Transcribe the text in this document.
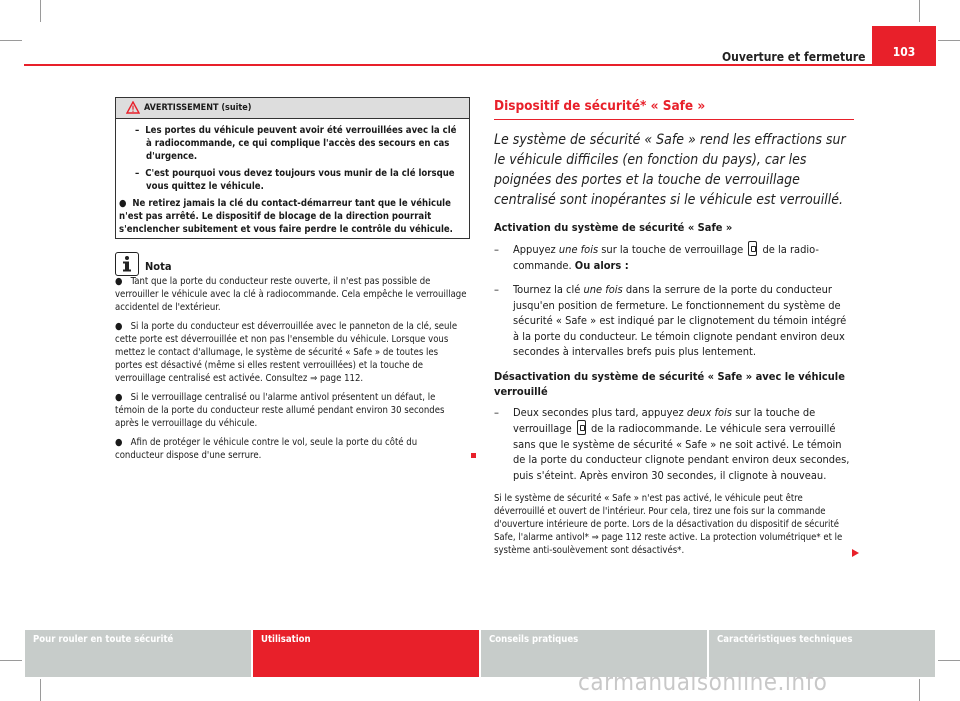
Ouverture et fermeture	103
AVERTISSEMENT (suite)

–  Les portes du véhicule peuvent avoir été verrouillées avec la clé à radiocommande, ce qui complique l'accès des secours en cas d'urgence.

–  C'est pourquoi vous devez toujours vous munir de la clé lorsque vous quittez le véhicule.

●  Ne retirez jamais la clé du contact-démarreur tant que le véhicule n'est pas arrêté. Le dispositif de blocage de la direction pourrait s'enclencher subitement et vous faire perdre le contrôle du véhicule.

Nota

●   Tant que la porte du conducteur reste ouverte, il n'est pas possible de verrouiller le véhicule avec la clé à radiocommande. Cela empêche le verrouillage accidentel de l'extérieur.

●   Si la porte du conducteur est déverrouillée avec le panneton de la clé, seule cette porte est déverrouillée et non pas l'ensemble du véhicule. Lorsque vous mettez le contact d'allumage, le système de sécurité « Safe » de toutes les portes est désactivé (même si elles restent verrouillées) et la touche de verrouillage centralisé est activée. Consultez ⇒ page 112.

●   Si le verrouillage centralisé ou l'alarme antivol présentent un défaut, le témoin de la porte du conducteur reste allumé pendant environ 30 secondes après le verrouillage du véhicule.

●   Afin de protéger le véhicule contre le vol, seule la porte du côté du conducteur dispose d'une serrure.

Dispositif de sécurité* « Safe »

Le système de sécurité « Safe » rend les effractions sur le véhicule difficiles (en fonction du pays), car les poignées des portes et la touche de verrouillage centralisé sont inopérantes si le véhicule est verrouillé.

Activation du système de sécurité « Safe »

– Appuyez une fois sur la touche de verrouillage  de la radio-commande. Ou alors :

– Tournez la clé une fois dans la serrure de la porte du conducteur jusqu'en position de fermeture. Le fonctionnement du système de sécurité « Safe » est indiqué par le clignotement du témoin intégré à la porte du conducteur. Le témoin clignote pendant environ deux secondes à intervalles brefs puis plus lentement.

Désactivation du système de sécurité « Safe » avec le véhicule verrouillé

– Deux secondes plus tard, appuyez deux fois sur la touche de verrouillage  de la radiocommande. Le véhicule sera verrouillé sans que le système de sécurité « Safe » ne soit activé. Le témoin de la porte du conducteur clignote pendant environ deux secondes, puis s'éteint. Après environ 30 secondes, il clignote à nouveau.

Si le système de sécurité « Safe » n'est pas activé, le véhicule peut être déverrouillé et ouvert de l'intérieur. Pour cela, tirez une fois sur la commande d'ouverture intérieure de porte. Lors de la désactivation du dispositif de sécurité Safe, l'alarme antivol* ⇒ page 112 reste active. La protection volumétrique* et le système anti-soulèvement sont désactivés*.

Pour rouler en toute sécurité	Utilisation	Conseils pratiques	Caractéristiques techniques
carmanualsonline.info
